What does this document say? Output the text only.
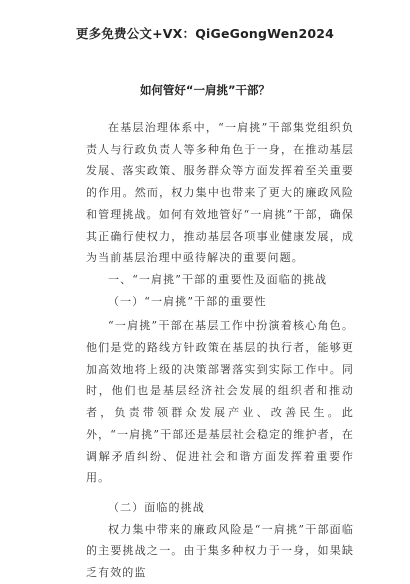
更多免费公文+VX：QiGeGongWen2024
如何管好“一肩挑”干部？

在基层治理体系中，“一肩挑”干部集党组织负责人与行政负责人等多种角色于一身，在推动基层发展、落实政策、服务群众等方面发挥着至关重要的作用。然而，权力集中也带来了更大的廉政风险和管理挑战。如何有效地管好“一肩挑”干部，确保其正确行使权力，推动基层各项事业健康发展，成为当前基层治理中亟待解决的重要问题。

一、“一肩挑”干部的重要性及面临的挑战

（一）“一肩挑”干部的重要性

“一肩挑”干部在基层工作中扮演着核心角色。他们是党的路线方针政策在基层的执行者，能够更加高效地将上级的决策部署落实到实际工作中。同时，他们也是基层经济社会发展的组织者和推动者，负责带领群众发展产业、改善民生。此外，“一肩挑”干部还是基层社会稳定的维护者，在调解矛盾纠纷、促进社会和谐方面发挥着重要作用。

（二）面临的挑战

权力集中带来的廉政风险是“一肩挑”干部面临的主要挑战之一。由于集多种权力于一身，如果缺乏有效的监
